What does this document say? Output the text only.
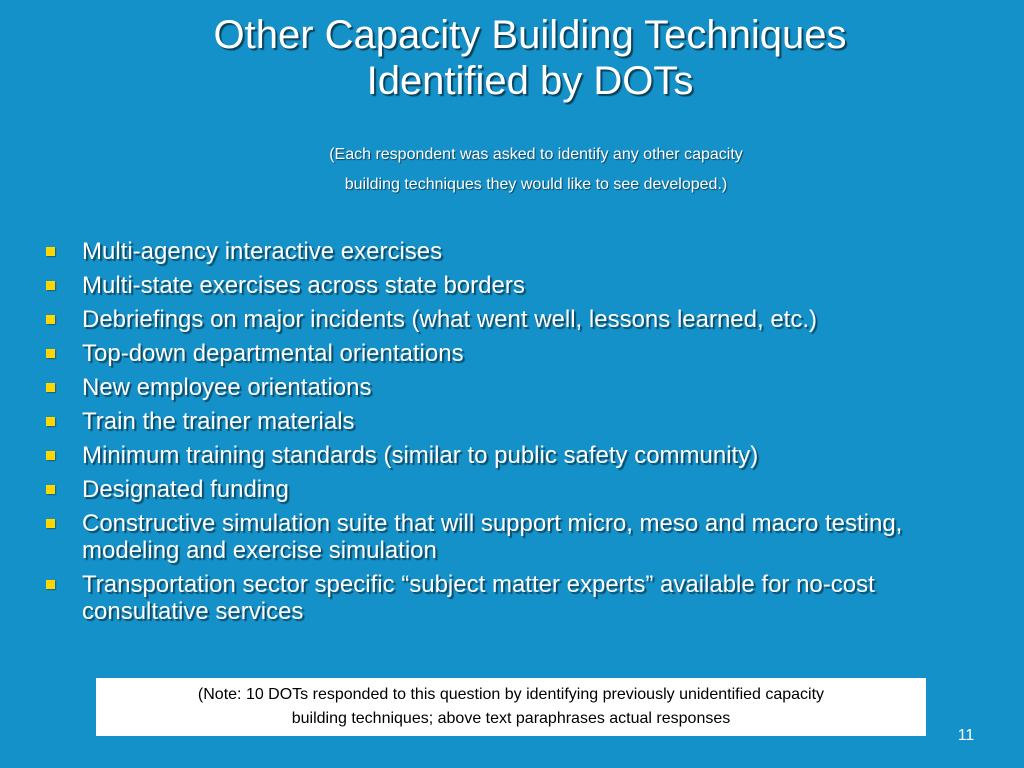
Other Capacity Building Techniques
Identified by DOTs
(Each respondent was asked to identify any other capacity
building techniques they would like to see developed.)
Multi-agency interactive exercises
Multi-state exercises across state borders
Debriefings on major incidents (what went well, lessons learned, etc.)
Top-down departmental orientations
New employee orientations
Train the trainer materials
Minimum training standards (similar to public safety community)
Designated funding
Constructive simulation suite that will support micro, meso and macro testing, modeling and exercise simulation
Transportation sector specific “subject matter experts” available for no-cost consultative services
(Note: 10 DOTs responded to this question by identifying previously unidentified capacity
building techniques; above text paraphrases actual responses
11
